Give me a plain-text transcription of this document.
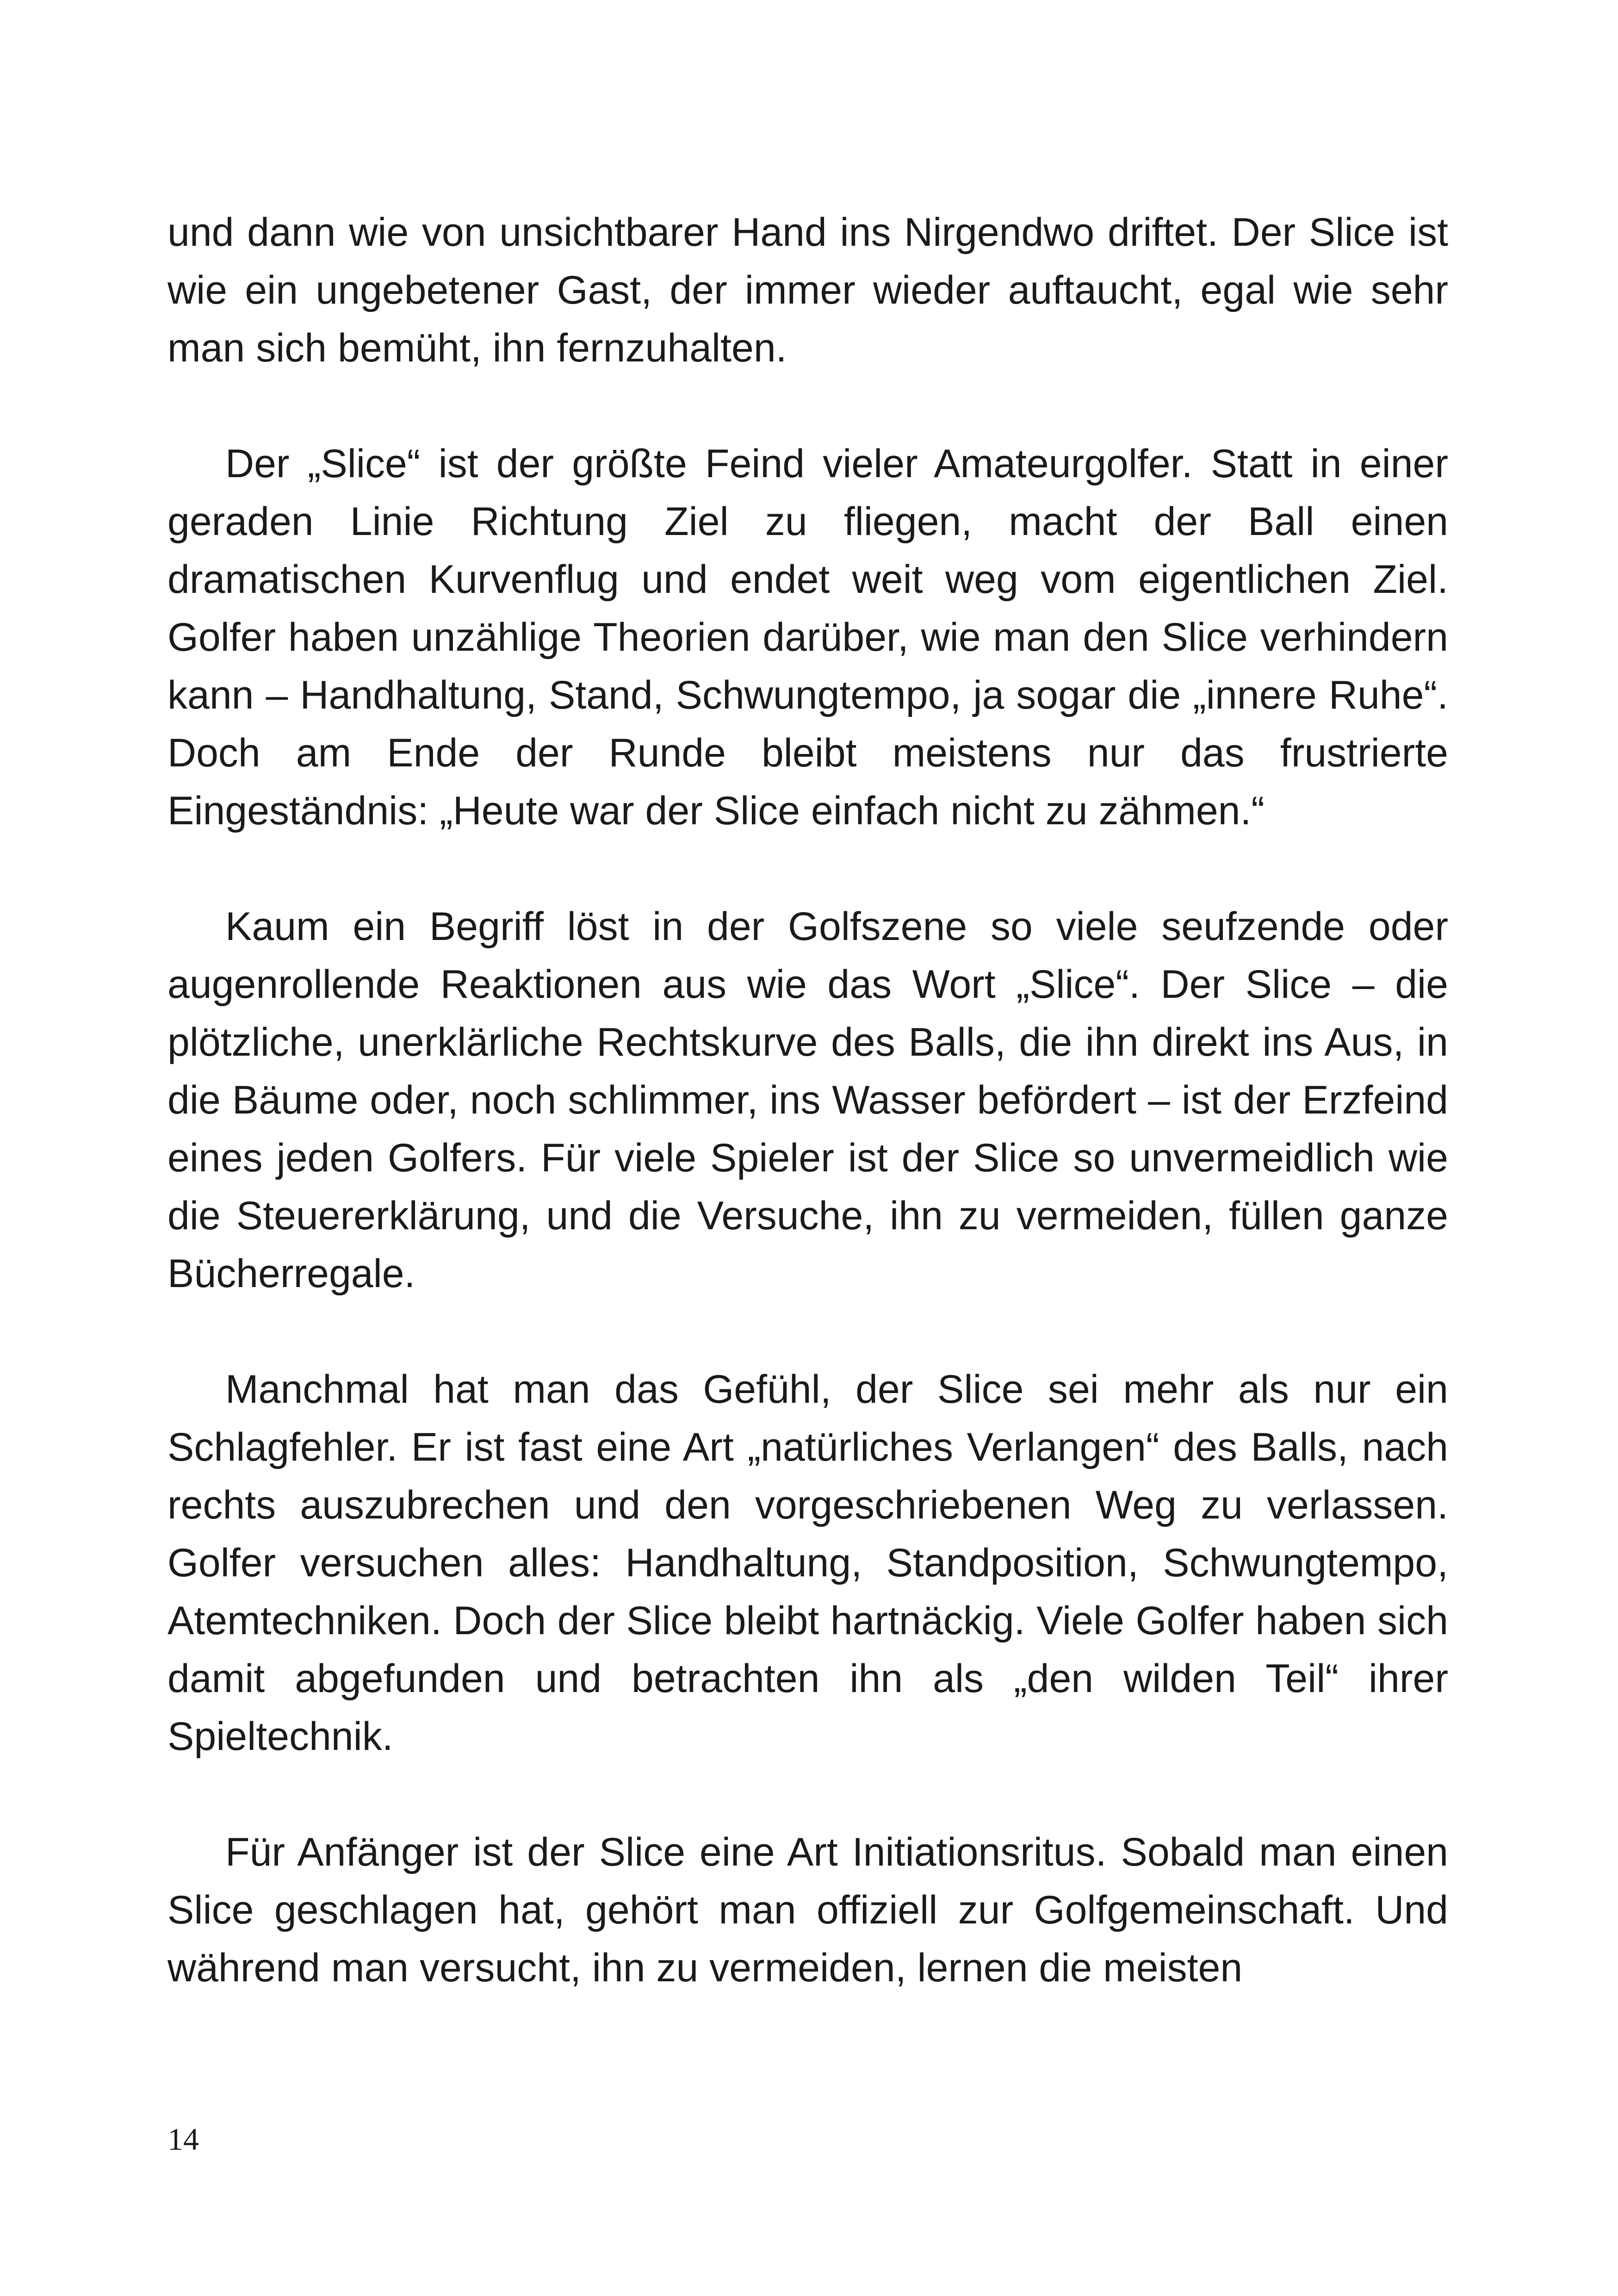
und dann wie von unsichtbarer Hand ins Nirgendwo driftet. Der Slice ist wie ein ungebetener Gast, der immer wieder auftaucht, egal wie sehr man sich bemüht, ihn fernzuhalten.

Der „Slice“ ist der größte Feind vieler Amateurgolfer. Statt in einer geraden Linie Richtung Ziel zu fliegen, macht der Ball einen dramatischen Kurvenflug und endet weit weg vom eigentlichen Ziel. Golfer haben unzählige Theorien darüber, wie man den Slice verhindern kann – Handhaltung, Stand, Schwungtempo, ja sogar die „innere Ruhe“. Doch am Ende der Runde bleibt meistens nur das frustrierte Eingeständnis: „Heute war der Slice einfach nicht zu zähmen.“

Kaum ein Begriff löst in der Golfszene so viele seufzende oder augenrollende Reaktionen aus wie das Wort „Slice“. Der Slice – die plötzliche, unerklärliche Rechtskurve des Balls, die ihn direkt ins Aus, in die Bäume oder, noch schlimmer, ins Wasser befördert – ist der Erzfeind eines jeden Golfers. Für viele Spieler ist der Slice so unvermeidlich wie die Steuererklärung, und die Versuche, ihn zu vermeiden, füllen ganze Bücherregale.

Manchmal hat man das Gefühl, der Slice sei mehr als nur ein Schlagfehler. Er ist fast eine Art „natürliches Verlangen“ des Balls, nach rechts auszubrechen und den vorgeschriebenen Weg zu verlassen. Golfer versuchen alles: Handhaltung, Standposition, Schwungtempo, Atemtechniken. Doch der Slice bleibt hartnäckig. Viele Golfer haben sich damit abgefunden und betrachten ihn als „den wilden Teil“ ihrer Spieltechnik.

Für Anfänger ist der Slice eine Art Initiationsritus. Sobald man einen Slice geschlagen hat, gehört man offiziell zur Golfgemeinschaft. Und während man versucht, ihn zu vermeiden, lernen die meisten

14
